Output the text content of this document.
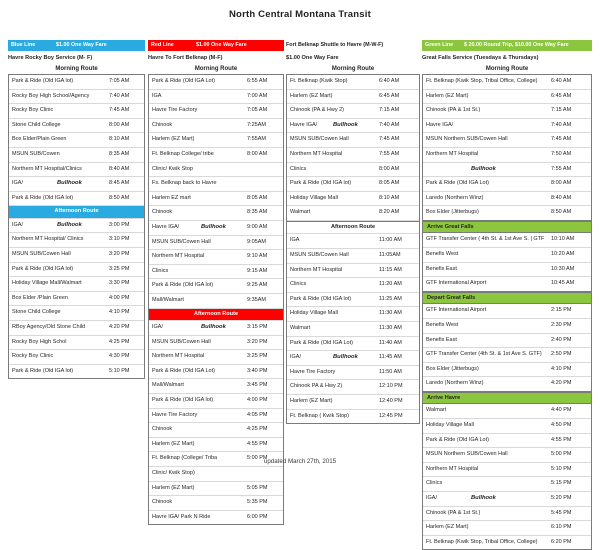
North Central Montana Transit
Blue Line	$1.00 One Way Fare
Havre Rocky Boy Service (M- F)
Morning Route
Park & Ride (Old IGA lot)	7:05 AM
Rocky Boy High School/Agency	7:40 AM
Rocky Boy Clinic	7:45 AM
Stone Child College	8:00 AM
Box Elder/Plain Green	8:10 AM
MSUN SUB/Cowen	8:35 AM
Northern MT Hospital/Clinics	8:40 AM
IGA/	Bullhook	8:45 AM
Park & Ride (Old IGA lot)	8:50 AM
Afternoon Route
IGA/	Bullhook	3:00 PM
Northern MT Hospital/ Clinics	3:10 PM
MSUN SUB/Cowen Hall	3:20 PM
Park & Ride (Old IGA lot)	3:25 PM
Holiday Village Mall/Walmart	3:30 PM
Box Elder /Plain Green	4:00 PM
Stone Child College	4:10 PM
RBoy Agency/Old Stone Child	4:20 PM
Rocky Boy High Schol	4:25 PM
Rocky Boy Clinic	4:30 PM
Park & Ride (Old IGA lot)	5:10 PM
Red Line	$1.00 One Way Fare
Havre To Fort Belknap (M-F)
Morning Route
Park & Ride (Old IGA Lot)	6:55 AM
IGA	7:00 AM
Havre Tire Factory	7:05 AM
Chinook	7:25AM
Harlem (EZ Mart)	7:55AM
Ft. Belknap College/ tribe	8:00 AM
Clinic/ Kwik Stop
Fs. Belknap back to Havre
Harlem EZ mart	8:05 AM
Chinook	8:35 AM
Havre IGA/	Bullhook	9:00 AM
MSUN SUB/Cowen Hall	9:05AM
Northern MT Hospital	9:10 AM
Clinics	9:15 AM
Park & Ride (Old IGA lot)	9:25 AM
Mall/Walmart	9:35AM
Afternoon Route
IGA/	Bullhook	3:15 PM
MSUN SUB/Cowen Hall	3:20 PM
Northern MT Hospital	3:25 PM
Park & Ride (Old IGA Lot)	3:40 PM
Mall/Walmart	3:45 PM
Park & Ride (Old IGA lot)	4:00 PM
Havre Tire Factory	4:05 PM
Chinook	4:25 PM
Harlem (EZ Mart)	4:55 PM
Ft. Belknap (College/ Triba	5:00 PM
Clinic/ Kwik Stop)
Harlem (EZ Mart)	5:05 PM
Chinook	5:35 PM
Havre IGA/ Park N Ride	6:00 PM
Fort Belknap Shuttle to Havre (M-W-F)
$1.00 One Way Fare
Morning Route
Ft. Belknap (Kwik Stop)	6:40 AM
Harlem (EZ Mart)	6:45 AM
Chinook (PA & Hwy 2)	7:15 AM
Havre IGA/	Bullhook	7:40 AM
MSUN SUB/Cowen Hall	7:45 AM
Northern MT Hospital	7:55 AM
Clinics	8:00 AM
Park & Ride (Old IGA lot)	8:05 AM
Holiday Village Mall	8:10 AM
Walmart	8:20 AM
Afternoon Route
IGA	11:00 AM
MSUN SUB/Cowen Hall	11:05AM
Northern MT Hospital	11:15 AM
Clinics	11:20 AM
Park & Ride (Old IGA lot)	11:25 AM
Holiday Village Mall	11:30 AM
Walmart	11:30 AM
Park & Ride (Old IGA Lot)	11:40 AM
IGA/	Bullhook	11:45 AM
Havre Tire Factory	11:50 AM
Chinook PA & Hwy 2)	12:10 PM
Harlem (EZ Mart)	12:40 PM
Ft. Belknap ( Kwik Stop)	12:45 PM
Green Line $ 20.00 Round Trip, $10.00 One Way Fare
Great Falls Service (Tuesdays & Thursdays)
Morning Route
Ft. Belknap (Kwik Stop, Tribal Office, College) 6:40 AM
Harlem (EZ Mart)	6:45 AM
Chinook (PA & 1st St.)	7:15 AM
Havre IGA/	7:40 AM
MSUN Northern SUB/Cowen Hall	7:45 AM
Northern MT Hospital	7:50 AM
Bullhook	7:55 AM
Park & Ride (Old IGA Lot)	8:00 AM
Laredo (Northern Winz)	8:40 AM
Box Elder (Jitterbugs)	8:50 AM
Arrive Great Falls
GTF Transfer Center ( 4th St. & 1st Ave S. | GTF 10:10 AM
Benefis West	10:20 AM
Benefis East	10:30 AM
GTF International Airport	10:45 AM
Depart Great Falls
GTF International Airport	2:15 PM
Benefis West	2:30 PM
Benefis East	2:40 PM
GTF Transfer Center (4th St. & 1st Ave S. GTF) 2:50 PM
Box Elder (Jitterbugs)	4:10 PM
Laredo (Northern Winz)	4:20 PM
Arrive Havre
Walmart	4:40 PM
Holiday Village Mall	4:50 PM
Park & Ride (Old IGA Lot)	4:55 PM
MSUN Northern SUB/Cowen Hall	5:00 PM
Northern MT Hospital	5:10 PM
Clinics	5:15 PM
IGA/	Bullhook	5:20 PM
Chinook (PA & 1st St.)	5:45 PM
Harlem (EZ Mart)	6:10 PM
Ft. Belknap (Kwik Stop, Tribal Office, College) 6:20 PM
updated March 27th, 2015
